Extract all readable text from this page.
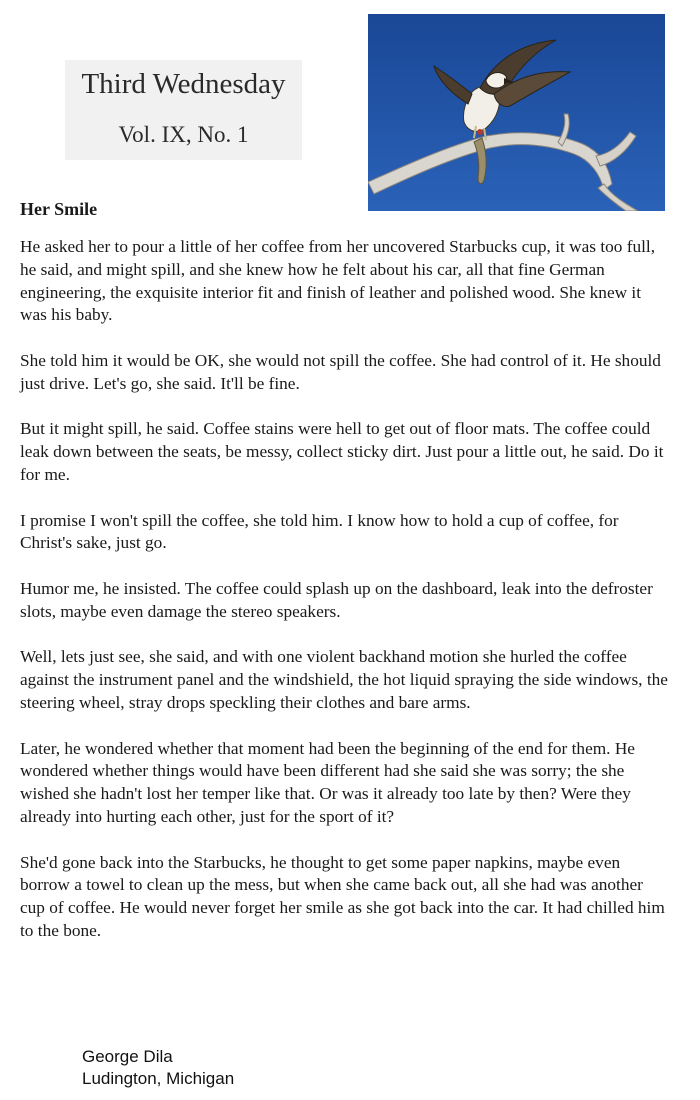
Third Wednesday
Vol. IX, No. 1
Her Smile

He asked her to pour a little of her coffee from her uncovered Starbucks cup, it was too full, he said, and might spill, and she knew how he felt about his car, all that fine German engineering, the exquisite interior fit and finish of leather and polished wood. She knew it was his baby.

She told him it would be OK, she would not spill the coffee. She had control of it. He should just drive. Let's go, she said. It'll be fine.

But it might spill, he said. Coffee stains were hell to get out of floor mats. The coffee could leak down between the seats, be messy, collect sticky dirt. Just pour a little out, he said. Do it for me.

I promise I won't spill the coffee, she told him. I know how to hold a cup of coffee, for Christ's sake, just go.

Humor me, he insisted. The coffee could splash up on the dashboard, leak into the defroster slots, maybe even damage the stereo speakers.

Well, lets just see, she said, and with one violent backhand motion she hurled the coffee against the instrument panel and the windshield, the hot liquid spraying the side windows, the steering wheel, stray drops speckling their clothes and bare arms.

Later, he wondered whether that moment had been the beginning of the end for them. He wondered whether things would have been different had she said she was sorry; the she wished she hadn't lost her temper like that. Or was it already too late by then? Were they already into hurting each other, just for the sport of it?

She'd gone back into the Starbucks, he thought to get some paper napkins, maybe even borrow a towel to clean up the mess, but when she came back out, all she had was another cup of coffee. He would never forget her smile as she got back into the car. It had chilled him to the bone.

George Dila
Ludington, Michigan
